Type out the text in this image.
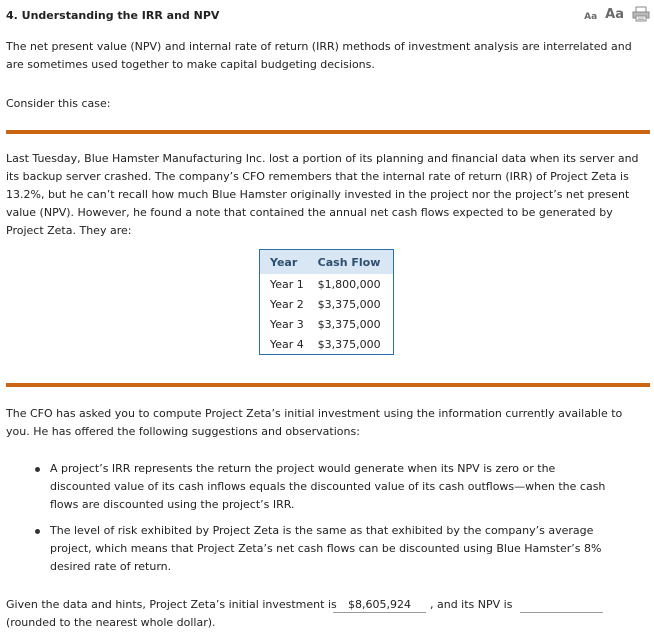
4. Understanding the IRR and NPV	Aa Aa

The net present value (NPV) and internal rate of return (IRR) methods of investment analysis are interrelated and are sometimes used together to make capital budgeting decisions.

Consider this case:

Last Tuesday, Blue Hamster Manufacturing Inc. lost a portion of its planning and financial data when its server and its backup server crashed. The company’s CFO remembers that the internal rate of return (IRR) of Project Zeta is 13.2%, but he can’t recall how much Blue Hamster originally invested in the project nor the project’s net present value (NPV). However, he found a note that contained the annual net cash flows expected to be generated by Project Zeta. They are:

Year	Cash Flow
Year 1	$1,800,000
Year 2	$3,375,000
Year 3	$3,375,000
Year 4	$3,375,000

The CFO has asked you to compute Project Zeta’s initial investment using the information currently available to you. He has offered the following suggestions and observations:

A project’s IRR represents the return the project would generate when its NPV is zero or the discounted value of its cash inflows equals the discounted value of its cash outflows—when the cash flows are discounted using the project’s IRR.
The level of risk exhibited by Project Zeta is the same as that exhibited by the company’s average project, which means that Project Zeta’s net cash flows can be discounted using Blue Hamster’s 8% desired rate of return.
Given the data and hints, Project Zeta’s initial investment is	$8,605,924	, and its NPV is
(rounded to the nearest whole dollar).
